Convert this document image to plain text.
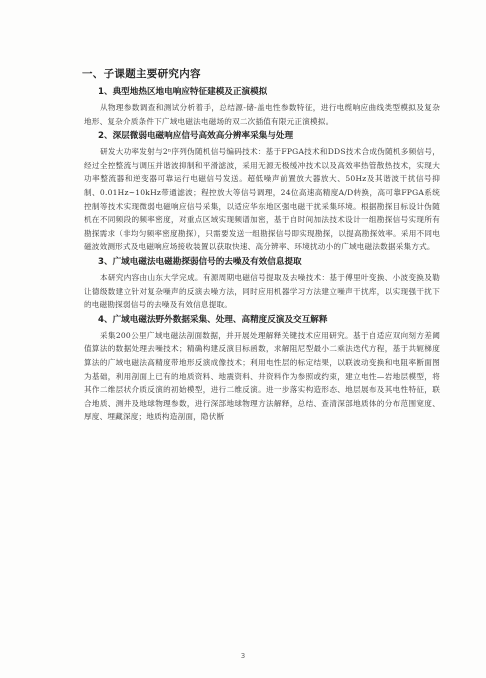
一、子课题主要研究内容
1、典型地热区地电响应特征建模及正演模拟

从物理参数调查和测试分析着手，总结源-储-盖电性参数特征，进行电缆响应曲线类型模拟及复杂地形、复杂介质条件下广域电磁法电磁场的双二次插值有限元正演模拟。

2、深层微弱电磁响应信号高效高分辨率采集与处理

研发大功率发射与2ⁿ序列伪随机信号编码技术：基于FPGA技术和DDS技术合成伪随机多频信号，经过全控整流与调压并谐波抑制和平滑滤波，采用无源无极缓冲技术以及高效率热管散热技术，实现大功率整流器和逆变器可靠运行电磁信号发送。超低噪声前置放大器放大、50Hz及其谐波干扰信号抑制、0.01Hz~10kHz带通滤波；程控放大等信号调理，24位高速高精度A/D转换，高可靠FPGA系统控制等技术实现微弱电磁响应信号采集，以适应华东地区强电磁干扰采集环境。根据勘探目标设计伪随机在不同频段的频率密度，对重点区域实现频谱加密，基于自时间加法技术设计一组勘探信号实现所有勘探需求（非均匀频率密度勘探），只需要发送一组勘探信号即实现勘探，以提高勘探效率。采用不同电磁波效测形式及电磁响应场接收装置以获取快速、高分辨率、环境扰动小的广域电磁法数据采集方式。

3、广域电磁法电磁勘探弱信号的去噪及有效信息提取

本研究内容由山东大学完成。有源周期电磁信号提取及去噪技术：基于傅里叶变换、小波变换及勒让德级数建立针对复杂噪声的反演去噪方法，同时应用机器学习方法建立噪声干扰库，以实现强干扰下的电磁勘探弱信号的去噪及有效信息提取。

4、广域电磁法野外数据采集、处理、高精度反演及交互解释

采集200公里广域电磁法剖面数据，并开展处理解释关键技术应用研究。基于自适应双向刻方差阈值算法的数据处理去噪技术；精确构建反演目标函数，求解阻尼型最小二乘法迭代方程，基于共轭梯度算法的广域电磁法高精度带地形反演成像技术；利用电性层的标定结果，以联波动变换和电阻率断面图为基础，利用剖面上已有的地质资料、地震资料、井资料作为参照或约束，建立电性—岩地层模型，将其作二维层状介质反演的初始模型，进行二维反演。进一步落实构造形态、地层展布及其电性特征，联合地质、测井及地球物理参数，进行深部地球物理方法解释，总结、查清深部地质体的分布范围宽度、厚度、埋藏深度；地质构造剖面，隐伏断

3
